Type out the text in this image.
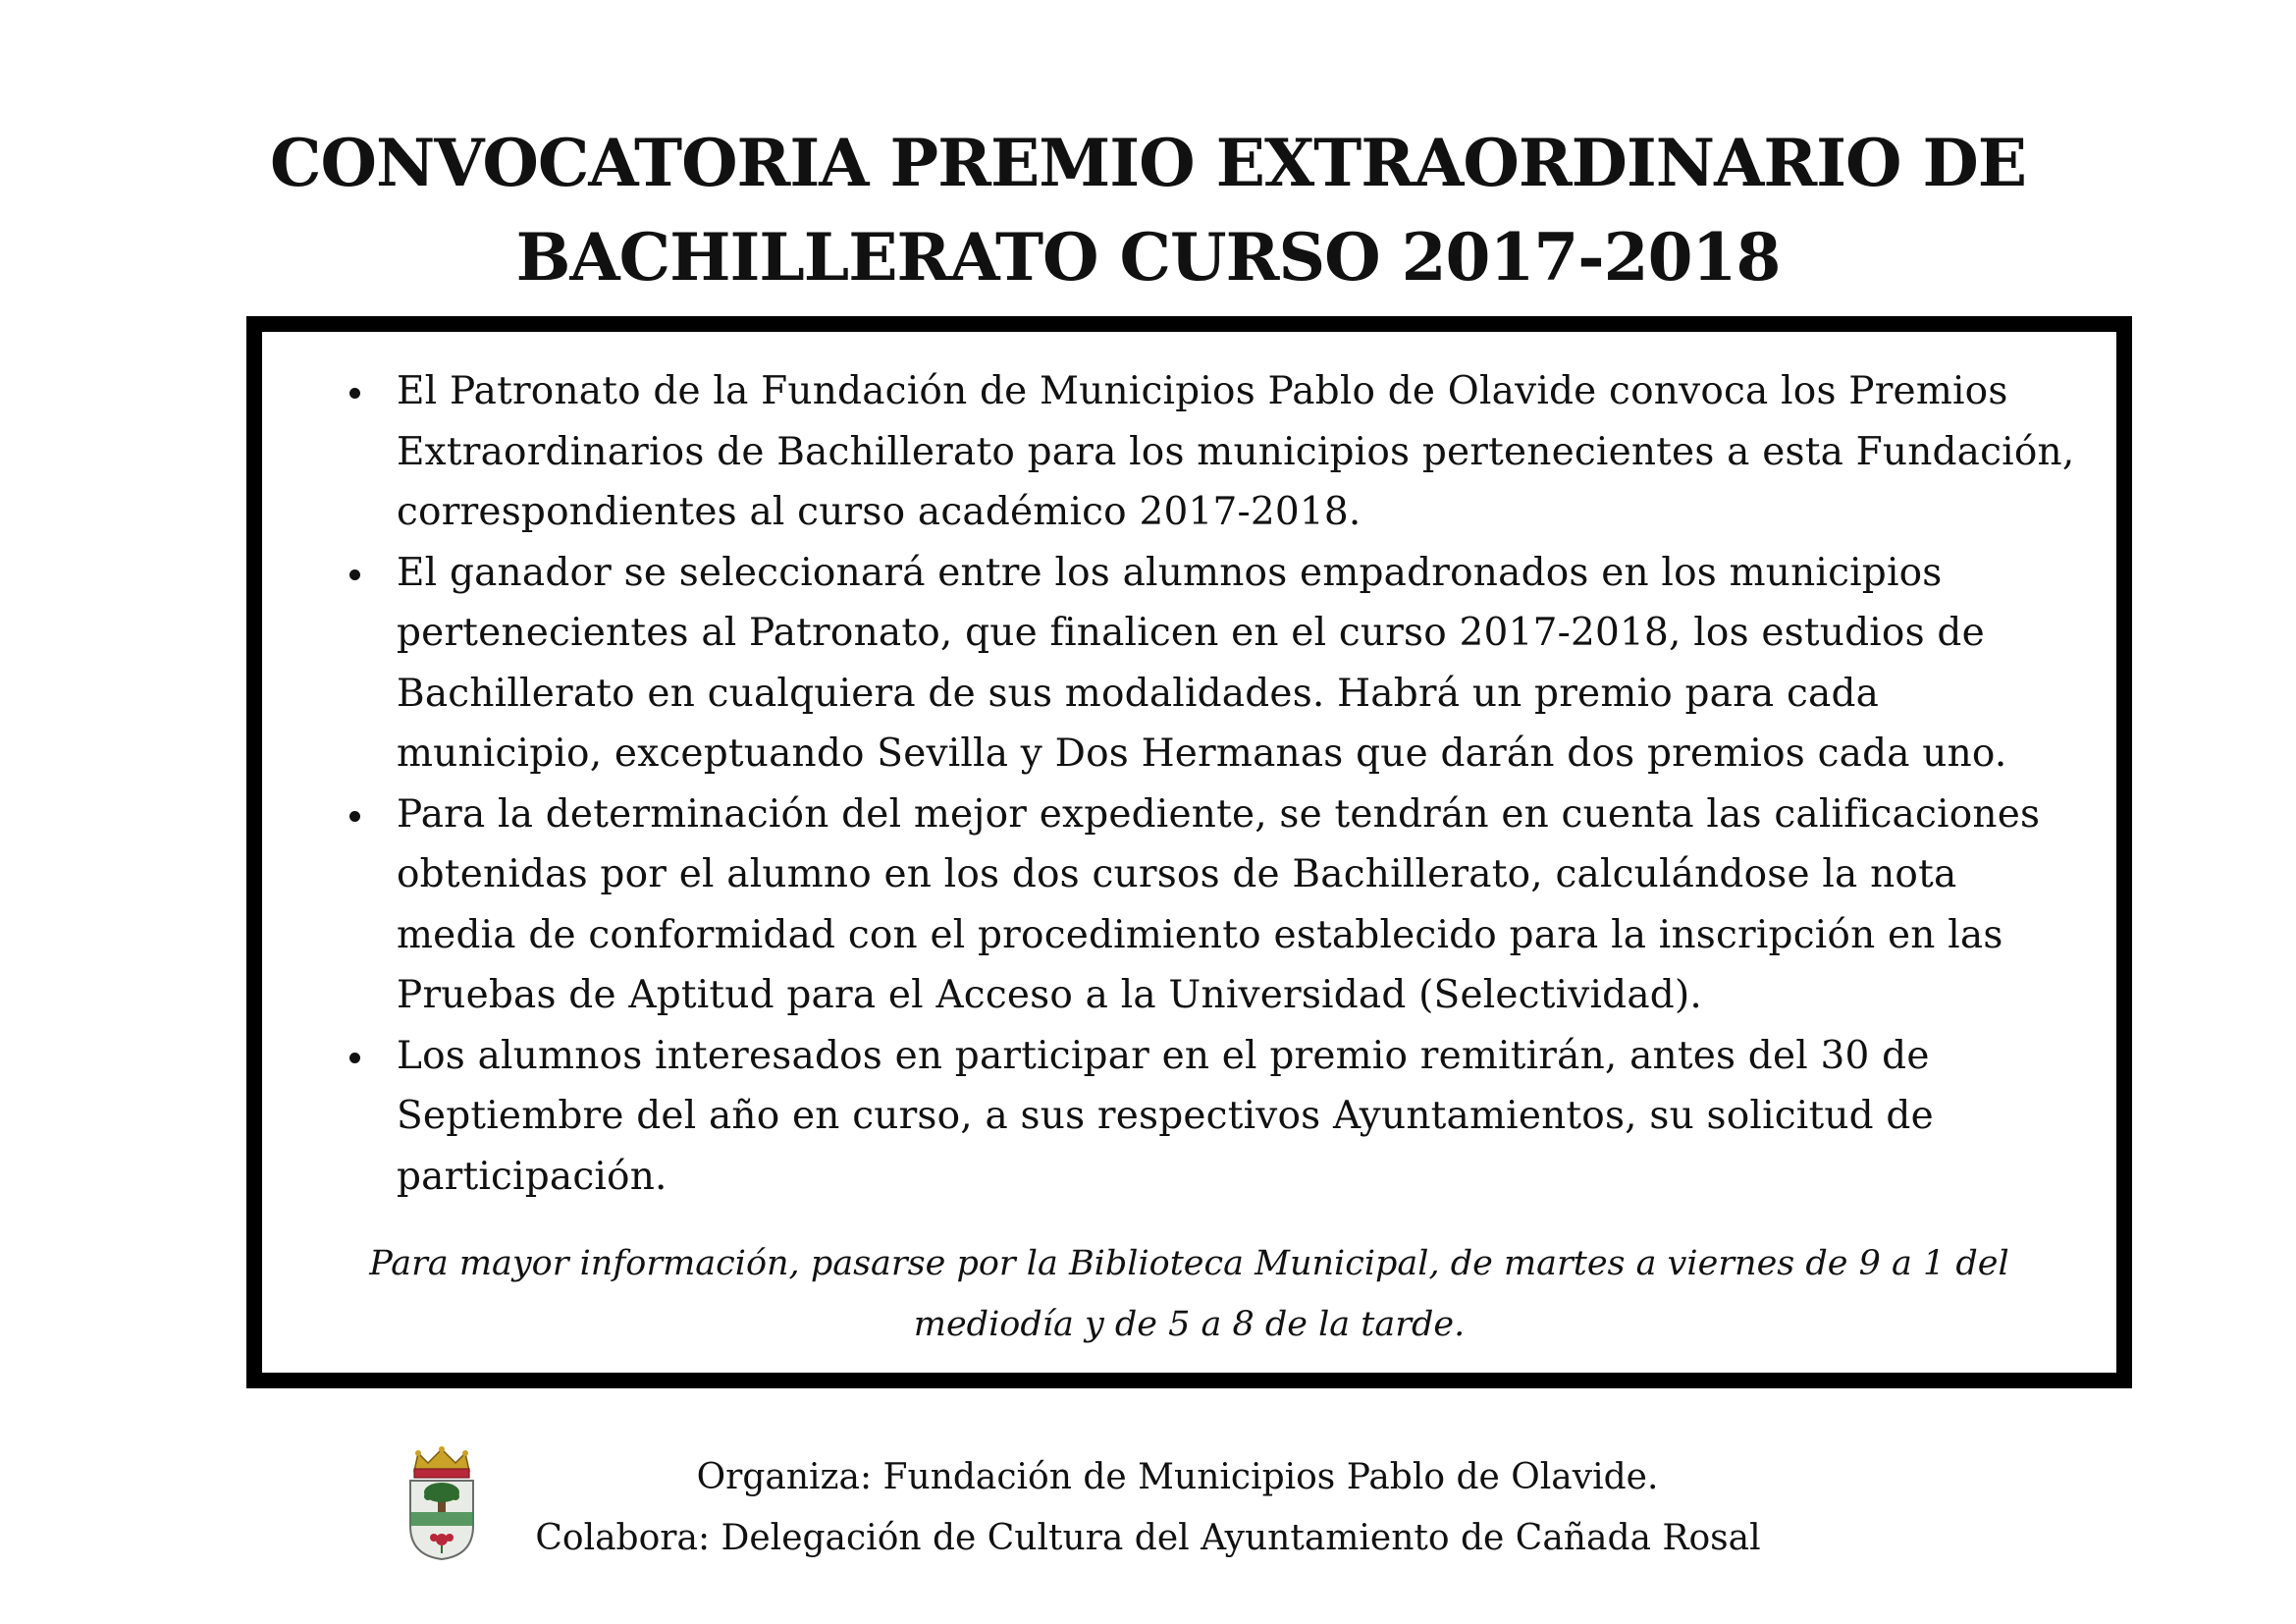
CONVOCATORIA PREMIO EXTRAORDINARIO DE
BACHILLERATO CURSO 2017-2018
El Patronato de la Fundación de Municipios Pablo de Olavide convoca los Premios Extraordinarios de Bachillerato para los municipios pertenecientes a esta Fundación, correspondientes al curso académico 2017-2018.
El ganador se seleccionará entre los alumnos empadronados en los municipios pertenecientes al Patronato, que finalicen en el curso 2017-2018, los estudios de Bachillerato en cualquiera de sus modalidades. Habrá un premio para cada municipio, exceptuando Sevilla y Dos Hermanas que darán dos premios cada uno.
Para la determinación del mejor expediente, se tendrán en cuenta las calificaciones obtenidas por el alumno en los dos cursos de Bachillerato, calculándose la nota media de conformidad con el procedimiento establecido para la inscripción en las Pruebas de Aptitud para el Acceso a la Universidad (Selectividad).
Los alumnos interesados en participar en el premio remitirán, antes del 30 de Septiembre del año en curso, a sus respectivos Ayuntamientos, su solicitud de participación.

Para mayor información, pasarse por la Biblioteca Municipal, de martes a viernes de 9 a 1 del
mediodía y de 5 a 8 de la tarde.

Organiza: Fundación de Municipios Pablo de Olavide.
Colabora: Delegación de Cultura del Ayuntamiento de Cañada Rosal
